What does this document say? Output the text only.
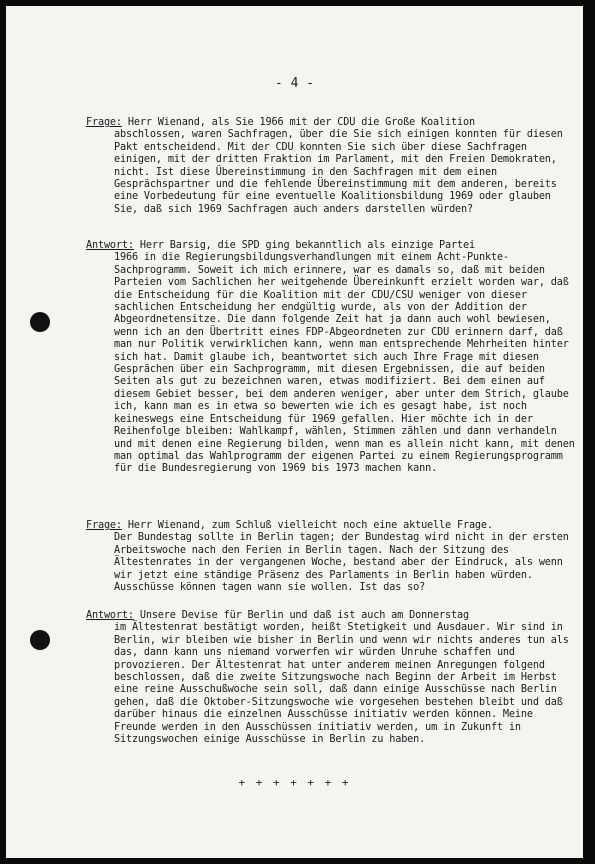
- 4 -

Frage: Herr Wienand, als Sie 1966 mit der CDU die Große Koalition
abschlossen, waren Sachfragen, über die Sie sich einigen konnten für diesen Pakt entscheidend. Mit der CDU konnten Sie sich über diese Sachfragen einigen, mit der dritten Fraktion im Parlament, mit den Freien Demokraten, nicht. Ist diese Übereinstimmung in den Sachfragen mit dem einen Gesprächspartner und die fehlende Übereinstimmung mit dem anderen, bereits eine Vorbedeutung für eine eventuelle Koalitionsbildung 1969 oder glauben Sie, daß sich 1969 Sachfragen auch anders darstellen würden?

Antwort: Herr Barsig, die SPD ging bekanntlich als einzige Partei
1966 in die Regierungsbildungsverhandlungen mit einem Acht-Punkte-Sachprogramm. Soweit ich mich erinnere, war es damals so, daß mit beiden Parteien vom Sachlichen her weitgehende Übereinkunft erzielt worden war, daß die Entscheidung für die Koalition mit der CDU/CSU weniger von dieser sachlichen Entscheidung her endgültig wurde, als von der Addition der Abgeordnetensitze. Die dann folgende Zeit hat ja dann auch wohl bewiesen, wenn ich an den Übertritt eines FDP-Abgeordneten zur CDU erinnern darf, daß man nur Politik verwirklichen kann, wenn man entsprechende Mehrheiten hinter sich hat. Damit glaube ich, beantwortet sich auch Ihre Frage mit diesen Gesprächen über ein Sachprogramm, mit diesen Ergebnissen, die auf beiden Seiten als gut zu bezeichnen waren, etwas modifiziert. Bei dem einen auf diesem Gebiet besser, bei dem anderen weniger, aber unter dem Strich, glaube ich, kann man es in etwa so bewerten wie ich es gesagt habe, ist noch keineswegs eine Entscheidung für 1969 gefallen. Hier möchte ich in der Reihenfolge bleiben: Wahlkampf, wählen, Stimmen zählen und dann verhandeln und mit denen eine Regierung bilden, wenn man es allein nicht kann, mit denen man optimal das Wahlprogramm der eigenen Partei zu einem Regierungsprogramm für die Bundesregierung von 1969 bis 1973 machen kann.

Frage: Herr Wienand, zum Schluß vielleicht noch eine aktuelle Frage.
Der Bundestag sollte in Berlin tagen; der Bundestag wird nicht in der ersten Arbeitswoche nach den Ferien in Berlin tagen. Nach der Sitzung des Ältestenrates in der vergangenen Woche, bestand aber der Eindruck, als wenn wir jetzt eine ständige Präsenz des Parlaments in Berlin haben würden. Ausschüsse können tagen wann sie wollen. Ist das so?

Antwort: Unsere Devise für Berlin und daß ist auch am Donnerstag
im Ältestenrat bestätigt worden, heißt Stetigkeit und Ausdauer. Wir sind in Berlin, wir bleiben wie bisher in Berlin und wenn wir nichts anderes tun als das, dann kann uns niemand vorwerfen wir würden Unruhe schaffen und provozieren. Der Ältestenrat hat unter anderem meinen Anregungen folgend beschlossen, daß die zweite Sitzungswoche nach Beginn der Arbeit im Herbst eine reine Ausschußwoche sein soll, daß dann einige Ausschüsse nach Berlin gehen, daß die Oktober-Sitzungswoche wie vorgesehen bestehen bleibt und daß darüber hinaus die einzelnen Ausschüsse initiativ werden können. Meine Freunde werden in den Ausschüssen initiativ werden, um in Zukunft in Sitzungswochen einige Ausschüsse in Berlin zu haben.

+ + + + + + +
